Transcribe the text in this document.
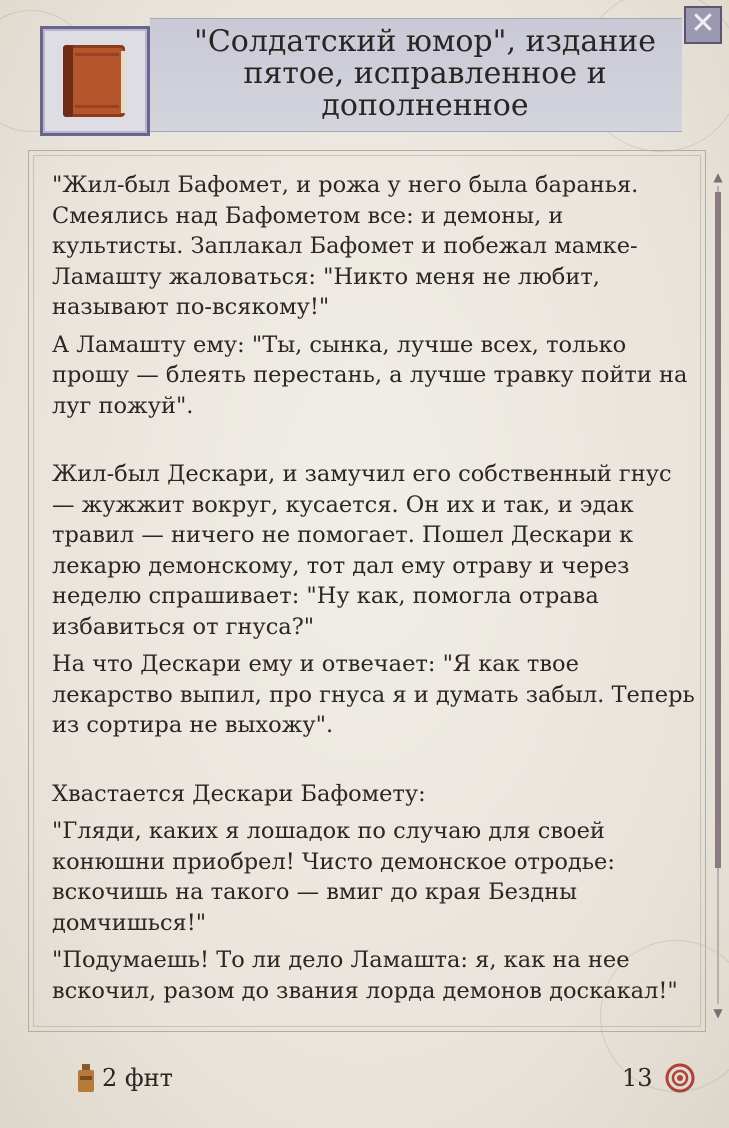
"Солдатский юмор", издание пятое, исправленное и дополненное
✕

"Жил-был Бафомет, и рожа у него была баранья. Смеялись над Бафометом все: и демоны, и культисты. Заплакал Бафомет и побежал мамке-Ламашту жаловаться: "Никто меня не любит, называют по-всякому!"

А Ламашту ему: "Ты, сынка, лучше всех, только прошу — блеять перестань, а лучше травку пойти на луг пожуй".

Жил-был Дескари, и замучил его собственный гнус — жужжит вокруг, кусается. Он их и так, и эдак травил — ничего не помогает. Пошел Дескари к лекарю демонскому, тот дал ему отраву и через неделю спрашивает: "Ну как, помогла отрава избавиться от гнуса?"

На что Дескари ему и отвечает: "Я как твое лекарство выпил, про гнуса я и думать забыл. Теперь из сортира не выхожу".

Хвастается Дескари Бафомету:

"Гляди, каких я лошадок по случаю для своей конюшни приобрел! Чисто демонское отродье: вскочишь на такого — вмиг до края Бездны домчишься!"

"Подумаешь! То ли дело Ламашта: я, как на нее вскочил, разом до звания лорда демонов доскакал!"

▲
▼
2 фнт	13
